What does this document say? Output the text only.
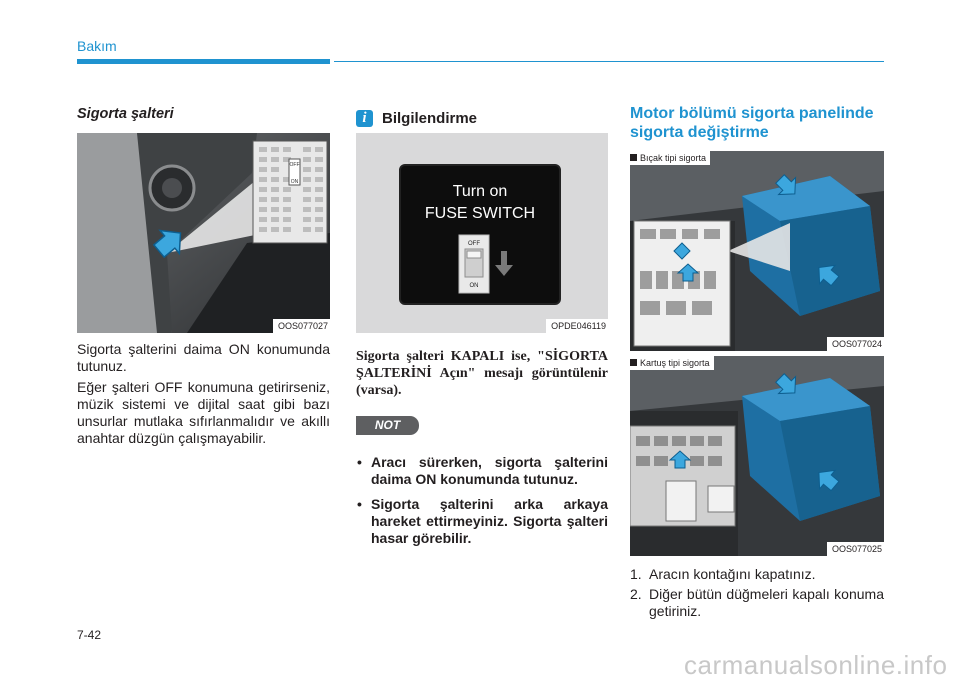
Bakım
Sigorta şalteri
OFF
ON
OOS077027
Sigorta şalterini daima ON konumunda tutunuz.
Eğer şalteri OFF konumuna getirirseniz, müzik sistemi ve dijital saat gibi bazı unsurlar mutlaka sıfırlanmalıdır ve akıllı anahtar düzgün çalışmayabilir.
i	Bilgilendirme
Turn on
FUSE SWITCH
OFF
ON
OPDE046119
Sigorta şalteri KAPALI ise, "SİGORTA ŞALTERİNİ Açın" mesajı görüntülenir (varsa).
NOT
• Aracı sürerken, sigorta şalterini daima ON konumunda tutunuz.
• Sigorta şalterini arka arkaya hareket ettirmeyiniz. Sigorta şalteri hasar görebilir.
Motor bölümü sigorta panelinde sigorta değiştirme
Bıçak tipi sigorta
OOS077024
Kartuş tipi sigorta
OOS077025
1. Aracın kontağını kapatınız.
2. Diğer bütün düğmeleri kapalı konuma getiriniz.
7-42
carmanualsonline.info
